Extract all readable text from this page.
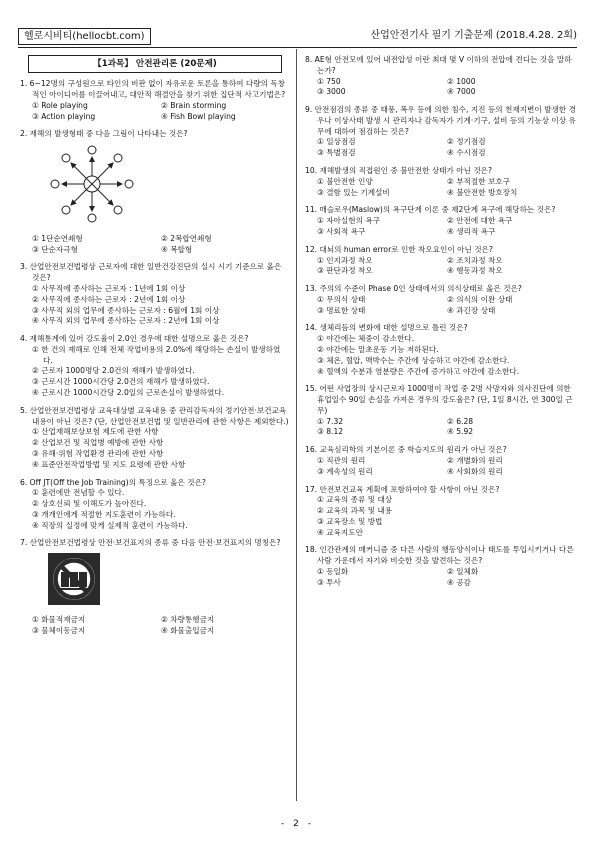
헬로시비티(hellocbt.com)	산업안전기사 필기 기출문제 (2018.4.28. 2회)
【1과목】 안전관리론 (20문제)
1. 6~12명의 구성원으로 타인의 비판 없이 자유로운 토론을 통하여 다량의 독창적인 아이디어를 이끌어내고, 대안적 해결안을 찾기 위한 집단적 사고기법은?
① Role playing	② Brain storming
③ Action playing	④ Fish Bowl playing
2. 재해의 발생형태 중 다음 그림이 나타내는 것은?
① 1단순연쇄형	② 2복합연쇄형
③ 단순자극형	④ 복합형
3. 산업안전보건법령상 근로자에 대한 일반건강진단의 실시 시기 기준으로 옳은 것은?
① 사무직에 종사하는 근로자 : 1년에 1회 이상
② 사무직에 종사하는 근로자 : 2년에 1회 이상
③ 사무직 외의 업무에 종사하는 근로자 : 6월에 1회 이상
④ 사무직 외의 업무에 종사하는 근로자 : 2년에 1회 이상
4. 재해통계에 있어 강도율이 2.0인 경우에 대한 설명으로 옳은 것은?
① 한 건의 재해로 인해 전체 작업비용의 2.0%에 해당하는 손실이 발생하였다.
② 근로자 1000명당 2.0건의 재해가 발생하였다.
③ 근로시간 1000시간당 2.0건의 재해가 발생하였다.
④ 근로시간 1000시간당 2.0일의 근로손실이 발생하였다.
5. 산업안전보건법령상 교육대상별 교육내용 중 관리감독자의 정기안전·보건교육 내용이 아닌 것은? (단, 산업안전보건법 및 일반관리에 관한 사항은 제외한다.)
① 산업재해보상보험 제도에 관한 사항
② 산업보건 및 직업병 예방에 관한 사항
③ 유해·위험 작업환경 관리에 관한 사항
④ 표준안전작업방법 및 지도 요령에 관한 사항
6. Off JT(Off the Job Training)의 특징으로 옳은 것은?
① 훈련에만 전념할 수 있다.
② 상호신뢰 및 이해도가 높아진다.
③ 개개인에게 적절한 지도훈련이 가능하다.
④ 직장의 실정에 맞게 실제적 훈련이 가능하다.
7. 산업안전보건법령상 안전·보건표지의 종류 중 다음 안전·보건표지의 명칭은?
① 화물적재금지	② 차량통행금지
③ 물체이동금지	④ 화물출입금지
8. AE형 안전모에 있어 내전압성 이란 최대 몇 V 이하의 전압에 견디는 것을 말하는가?
① 750	② 1000
③ 3000	④ 7000
9. 안전점검의 종류 중 태풍, 폭우 등에 의한 침수, 지진 등의 천재지변이 발생한 경우나 이상사태 발생 시 관리자나 감독자가 기계·기구, 설비 등의 기능상 이상 유무에 대하여 점검하는 것은?
① 일상점검	② 정기점검
③ 특별점검	④ 수시점검
10. 재해발생의 직접원인 중 불안전한 상태가 아닌 것은?
① 불안전한 인양	② 부적절한 보호구
③ 결함 있는 기계설비	④ 불안전한 방호장치
11. 매슬로우(Maslow)의 욕구단계 이론 중 제2단계 욕구에 해당하는 것은?
① 자아실현의 욕구	② 안전에 대한 욕구
③ 사회적 욕구	④ 생리적 욕구
12. 대뇌의 human error로 인한 착오요인이 아닌 것은?
① 인지과정 착오	② 조치과정 착오
③ 판단과정 착오	④ 행동과정 착오
13. 주의의 수준이 Phase 0인 상태에서의 의식상태로 옳은 것은?
① 무의식 상태	② 의식의 이완 상태
③ 명료한 상태	④ 과긴장 상태
14. 생체리듬의 변화에 대한 설명으로 틀린 것은?
① 야간에는 체중이 감소한다.
② 야간에는 말초운동 기능 저하된다.
③ 체온, 혈압, 맥박수는 주간에 상승하고 야간에 감소한다.
④ 혈액의 수분과 염분량은 주간에 증가하고 야간에 감소한다.
15. 어떤 사업장의 상시근로자 1000명이 작업 중 2명 사망자와 의사진단에 의한 휴업일수 90일 손실을 가져온 경우의 강도율은? (단, 1일 8시간, 연 300일 근무)
① 7.32	② 6.28
③ 8.12	④ 5.92
16. 교육심리학의 기본이론 중 학습지도의 원리가 아닌 것은?
① 직관의 원리	② 개별화의 원리
③ 계속성의 원리	④ 사회화의 원리
17. 안전보건교육 계획에 포함하여야 할 사항이 아닌 것은?
① 교육의 종류 및 대상
② 교육의 과목 및 내용
③ 교육장소 및 방법
④ 교육지도안
18. 인간관계의 매커니즘 중 다른 사람의 행동양식이나 태도를 투입시키거나 다른 사람 가운데서 자기와 비슷한 것을 발견하는 것은?
① 동일화	② 일체화
③ 투사	④ 공감
- 2 -
